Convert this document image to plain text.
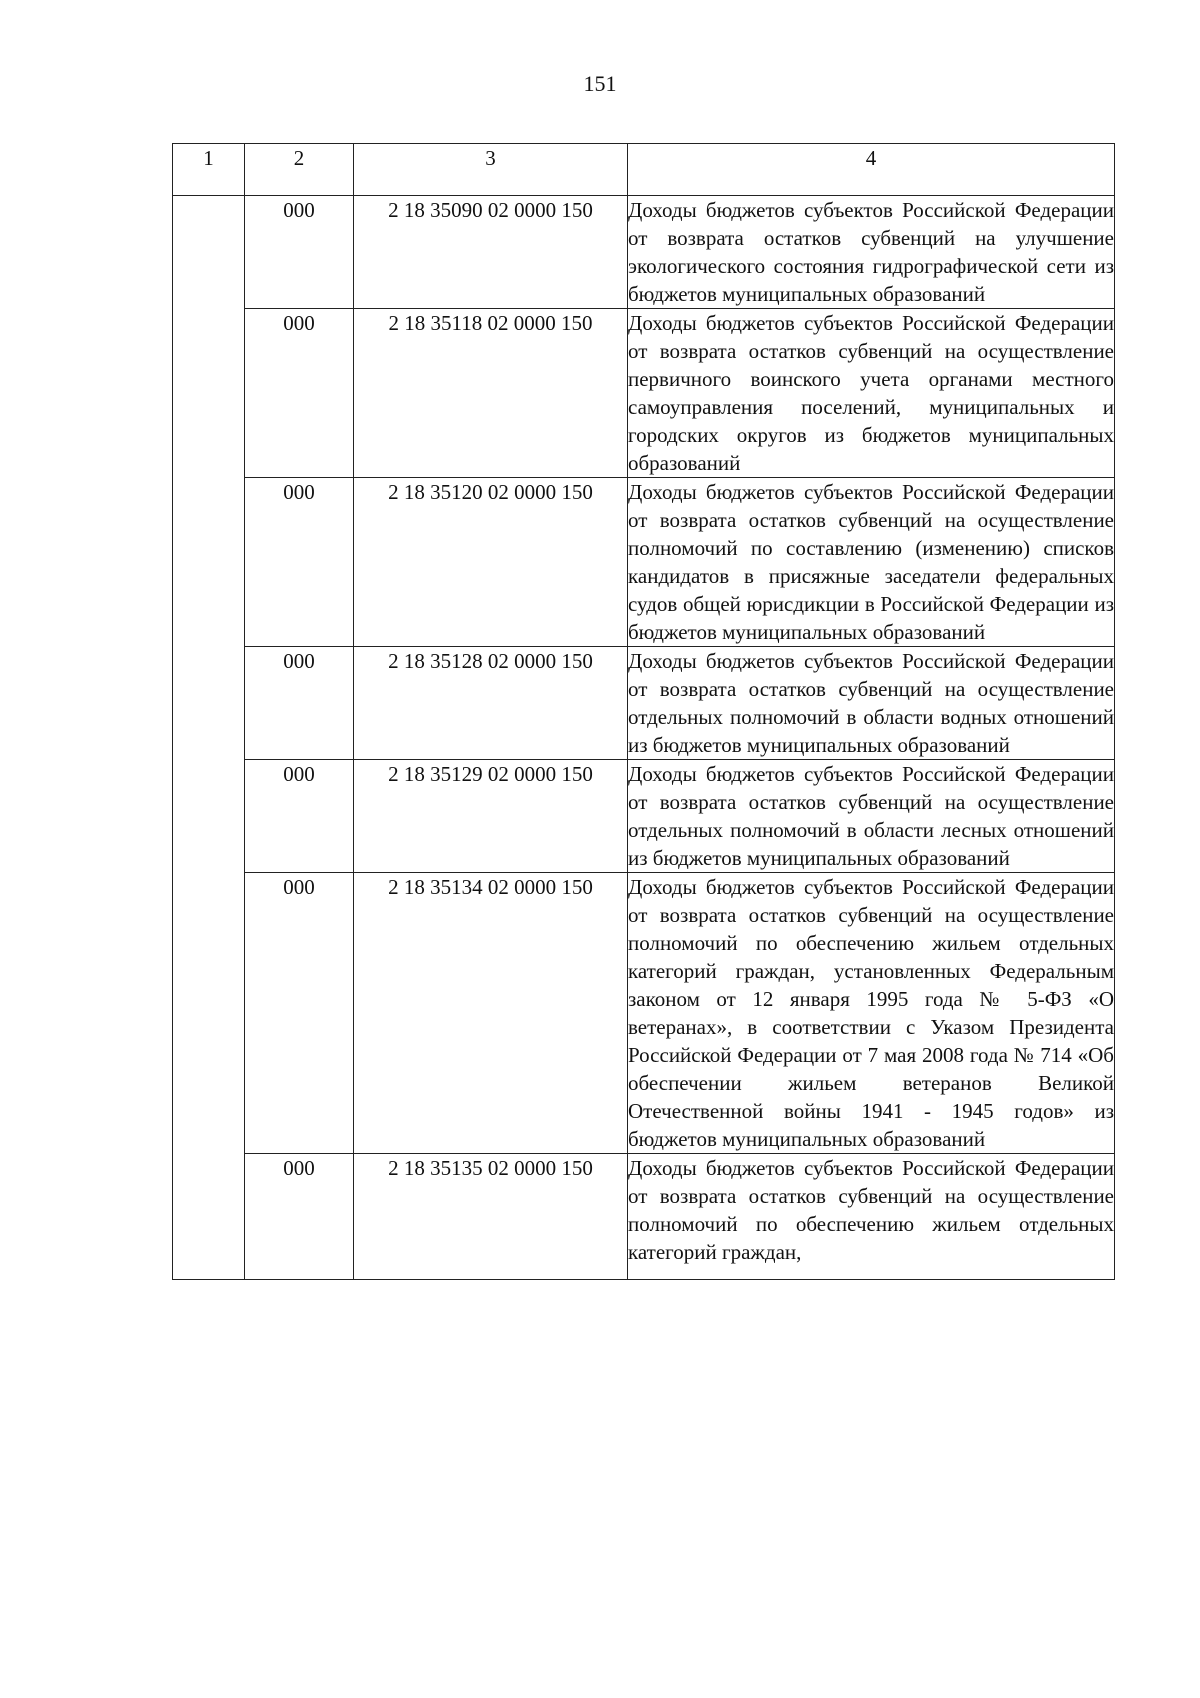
151
1	2	3	4
	000	2 18 35090 02 0000 150	Доходы бюджетов субъектов Российской Федерации от возврата остатков субвенций на улучшение экологического состояния гидрографической сети из бюджетов муниципальных образований
	000	2 18 35118 02 0000 150	Доходы бюджетов субъектов Российской Федерации от возврата остатков субвенций на осуществление первичного воинского учета органами местного самоуправления поселений, муниципальных и городских округов из бюджетов муниципальных образований
	000	2 18 35120 02 0000 150	Доходы бюджетов субъектов Российской Федерации от возврата остатков субвенций на осуществление полномочий по составлению (изменению) списков кандидатов в присяжные заседатели федеральных судов общей юрисдикции в Российской Федерации из бюджетов муниципальных образований
	000	2 18 35128 02 0000 150	Доходы бюджетов субъектов Российской Федерации от возврата остатков субвенций на осуществление отдельных полномочий в области водных отношений из бюджетов муниципальных образований
	000	2 18 35129 02 0000 150	Доходы бюджетов субъектов Российской Федерации от возврата остатков субвенций на осуществление отдельных полномочий в области лесных отношений из бюджетов муниципальных образований
	000	2 18 35134 02 0000 150	Доходы бюджетов субъектов Российской Федерации от возврата остатков субвенций на осуществление полномочий по обеспечению жильем отдельных категорий граждан, установленных Федеральным законом от 12 января 1995 года № 5-ФЗ «О ветеранах», в соответствии с Указом Президента Российской Федерации от 7 мая 2008 года № 714 «Об обеспечении жильем ветеранов Великой Отечественной войны 1941 - 1945 годов» из бюджетов муниципальных образований
	000	2 18 35135 02 0000 150	Доходы бюджетов субъектов Российской Федерации от возврата остатков субвенций на осуществление полномочий по обеспечению жильем отдельных категорий граждан,
